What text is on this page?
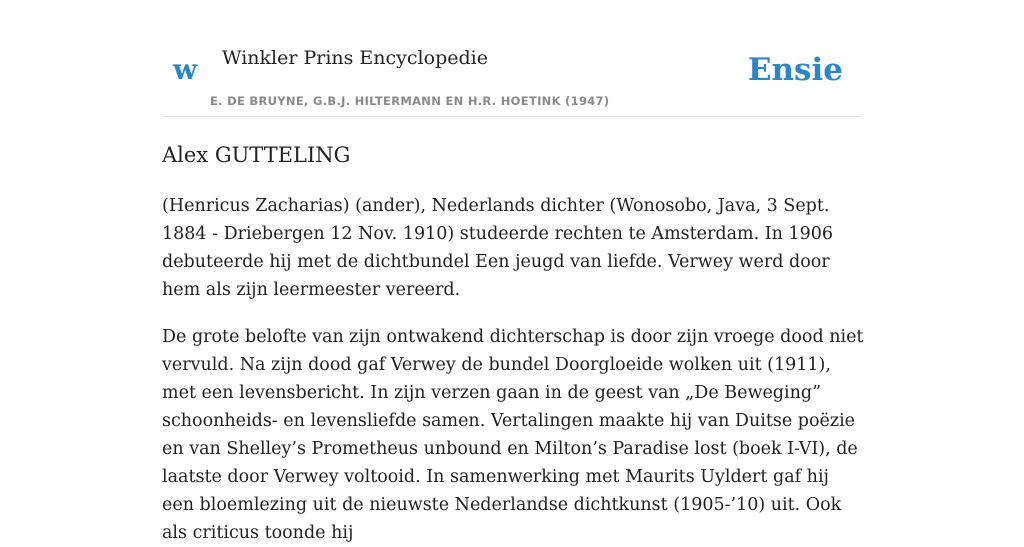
w Winkler Prins Encyclopedie
E. DE BRUYNE, G.B.J. HILTERMANN EN H.R. HOETINK (1947)
Ensie
Alex GUTTELING

(Henricus Zacharias) (ander), Nederlands dichter (Wonosobo, Java, 3 Sept. 1884 - Driebergen 12 Nov. 1910) studeerde rechten te Amsterdam. In 1906 debuteerde hij met de dichtbundel Een jeugd van liefde. Verwey werd door hem als zijn leermeester vereerd.

De grote belofte van zijn ontwakend dichterschap is door zijn vroege dood niet vervuld. Na zijn dood gaf Verwey de bundel Doorgloeide wolken uit (1911), met een levensbericht. In zijn verzen gaan in de geest van „De Beweging” schoonheids- en levensliefde samen. Vertalingen maakte hij van Duitse poëzie en van Shelley’s Prometheus unbound en Milton’s Paradise lost (boek I-VI), de laatste door Verwey voltooid. In samenwerking met Maurits Uyldert gaf hij een bloemlezing uit de nieuwste Nederlandse dichtkunst (1905-’10) uit. Ook als criticus toonde hij
